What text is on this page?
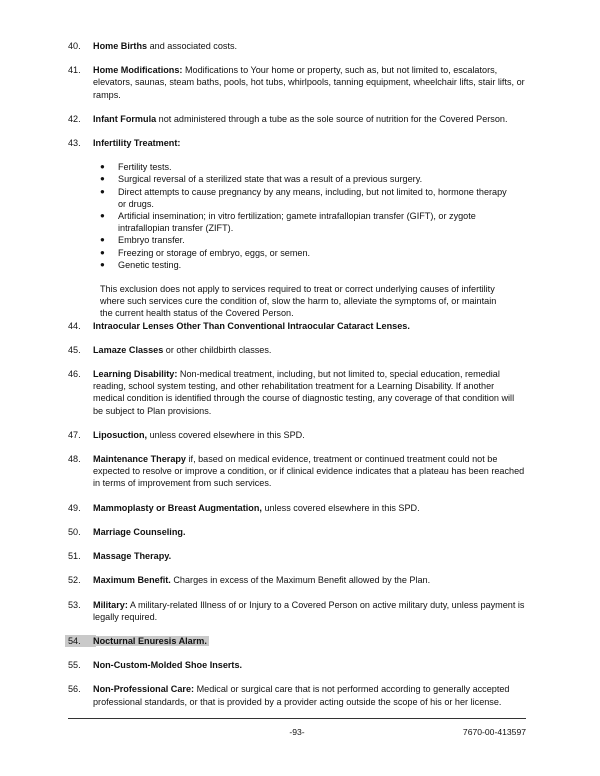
40.	Home Births and associated costs.
41.	Home Modifications: Modifications to Your home or property, such as, but not limited to, escalators, elevators, saunas, steam baths, pools, hot tubs, whirlpools, tanning equipment, wheelchair lifts, stair lifts, or ramps.
42.	Infant Formula not administered through a tube as the sole source of nutrition for the Covered Person.
43.	Infertility Treatment:
●	Fertility tests.
●	Surgical reversal of a sterilized state that was a result of a previous surgery.
●	Direct attempts to cause pregnancy by any means, including, but not limited to, hormone therapy or drugs.
●	Artificial insemination; in vitro fertilization; gamete intrafallopian transfer (GIFT), or zygote intrafallopian transfer (ZIFT).
●	Embryo transfer.
●	Freezing or storage of embryo, eggs, or semen.
●	Genetic testing.

This exclusion does not apply to services required to treat or correct underlying causes of infertility where such services cure the condition of, slow the harm to, alleviate the symptoms of, or maintain the current health status of the Covered Person.

44.	Intraocular Lenses Other Than Conventional Intraocular Cataract Lenses.
45.	Lamaze Classes or other childbirth classes.
46.	Learning Disability: Non-medical treatment, including, but not limited to, special education, remedial reading, school system testing, and other rehabilitation treatment for a Learning Disability. If another medical condition is identified through the course of diagnostic testing, any coverage of that condition will be subject to Plan provisions.
47.	Liposuction, unless covered elsewhere in this SPD.
48.	Maintenance Therapy if, based on medical evidence, treatment or continued treatment could not be expected to resolve or improve a condition, or if clinical evidence indicates that a plateau has been reached in terms of improvement from such services.
49.	Mammoplasty or Breast Augmentation, unless covered elsewhere in this SPD.
50.	Marriage Counseling.
51.	Massage Therapy.
52.	Maximum Benefit. Charges in excess of the Maximum Benefit allowed by the Plan.
53.	Military: A military-related Illness of or Injury to a Covered Person on active military duty, unless payment is legally required.
54.	Nocturnal Enuresis Alarm.
55.	Non-Custom-Molded Shoe Inserts.
56.	Non-Professional Care: Medical or surgical care that is not performed according to generally accepted professional standards, or that is provided by a provider acting outside the scope of his or her license.
-93-	7670-00-413597
